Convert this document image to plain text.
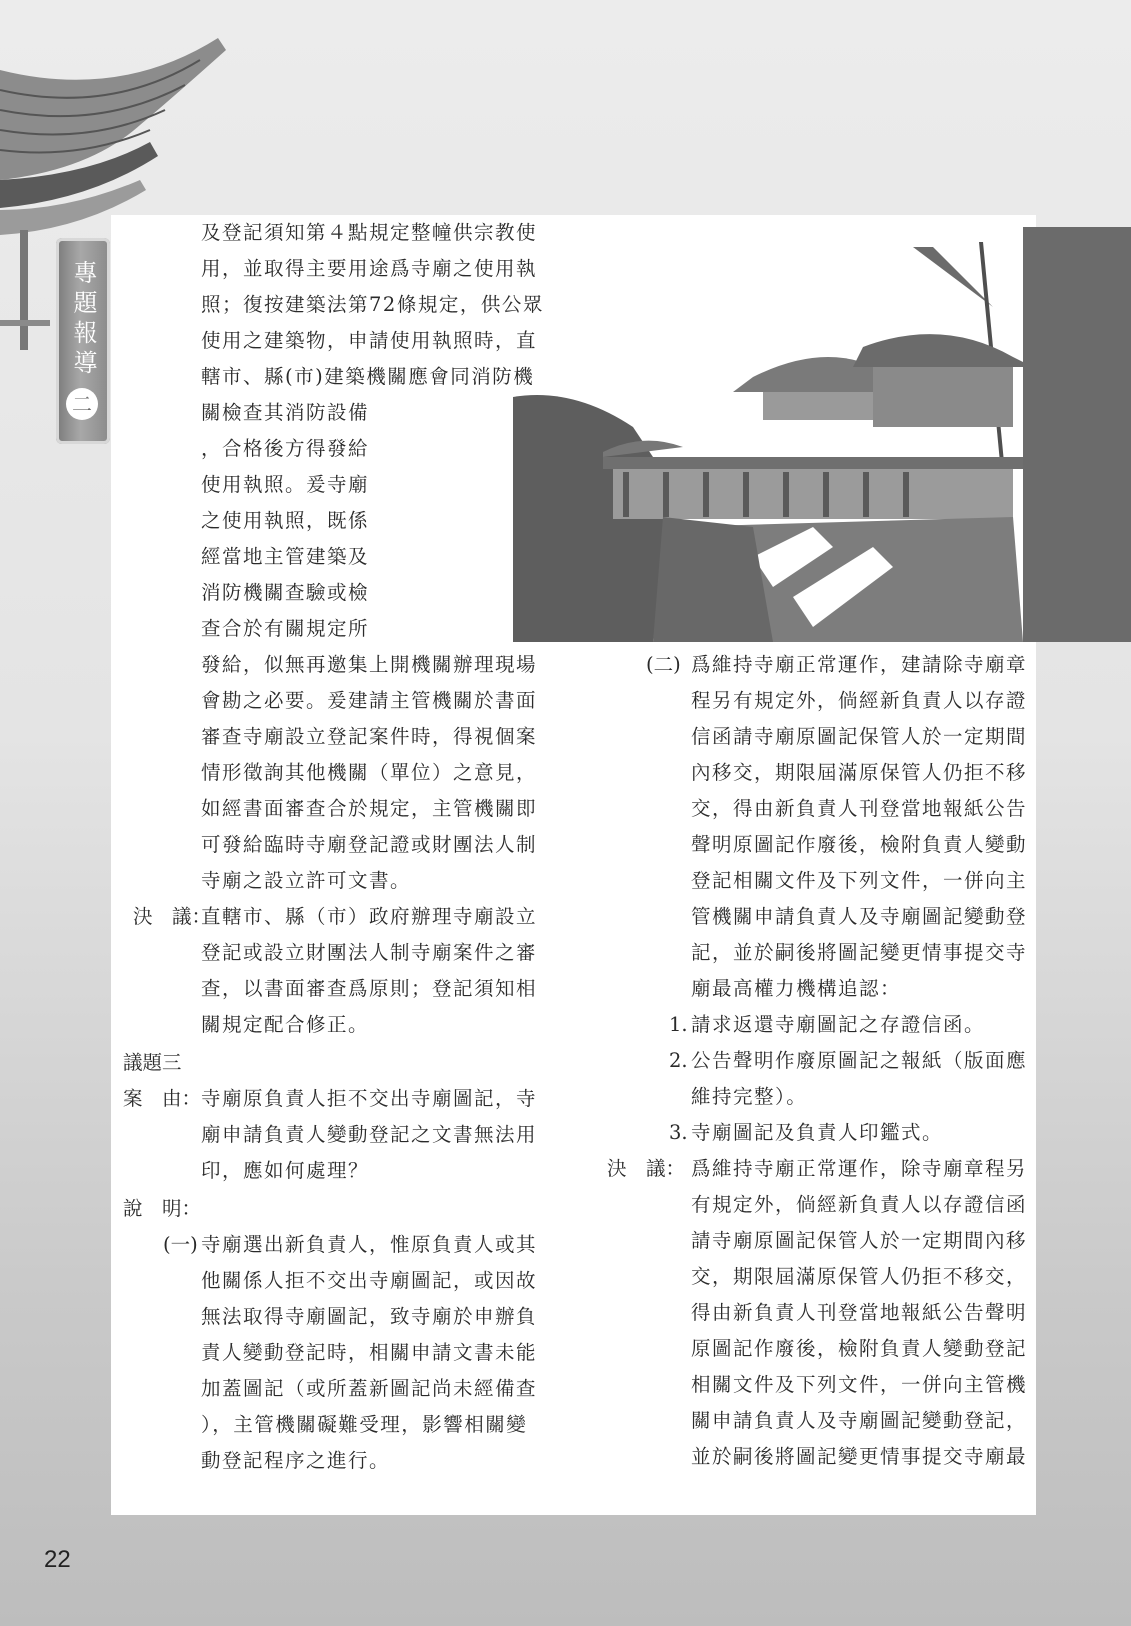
專題報導
二
及登記須知第４點規定整幢供宗教使
用，並取得主要用途爲寺廟之使用執
照；復按建築法第72條規定，供公眾
使用之建築物，申請使用執照時，直
轄市、縣(市)建築機關應會同消防機
關檢查其消防設備
，合格後方得發給
使用執照。爰寺廟
之使用執照，既係
經當地主管建築及
消防機關查驗或檢
查合於有關規定所
發給，似無再邀集上開機關辦理現場
會勘之必要。爰建請主管機關於書面
審查寺廟設立登記案件時，得視個案
情形徵詢其他機關（單位）之意見，
如經書面審查合於規定，主管機關即
可發給臨時寺廟登記證或財團法人制
寺廟之設立許可文書。
決　議：
直轄市、縣（市）政府辦理寺廟設立
登記或設立財團法人制寺廟案件之審
查，以書面審查爲原則；登記須知相
關規定配合修正。
議題三
案　由： 寺廟原負責人拒不交出寺廟圖記，寺
廟申請負責人變動登記之文書無法用
印，應如何處理？
說　明：
(一) 寺廟選出新負責人，惟原負責人或其
他關係人拒不交出寺廟圖記，或因故
無法取得寺廟圖記，致寺廟於申辦負
責人變動登記時，相關申請文書未能
加蓋圖記（或所蓋新圖記尚未經備查
），主管機關礙難受理，影響相關變
動登記程序之進行。
(二) 爲維持寺廟正常運作，建請除寺廟章
程另有規定外，倘經新負責人以存證
信函請寺廟原圖記保管人於一定期間
內移交，期限屆滿原保管人仍拒不移
交，得由新負責人刊登當地報紙公告
聲明原圖記作廢後，檢附負責人變動
登記相關文件及下列文件，一併向主
管機關申請負責人及寺廟圖記變動登
記，並於嗣後將圖記變更情事提交寺
廟最高權力機構追認：
1. 請求返還寺廟圖記之存證信函。
2. 公告聲明作廢原圖記之報紙（版面應
維持完整）。
3. 寺廟圖記及負責人印鑑式。
決　議： 爲維持寺廟正常運作，除寺廟章程另
有規定外，倘經新負責人以存證信函
請寺廟原圖記保管人於一定期間內移
交，期限屆滿原保管人仍拒不移交，
得由新負責人刊登當地報紙公告聲明
原圖記作廢後，檢附負責人變動登記
相關文件及下列文件，一併向主管機
關申請負責人及寺廟圖記變動登記，
並於嗣後將圖記變更情事提交寺廟最
22
